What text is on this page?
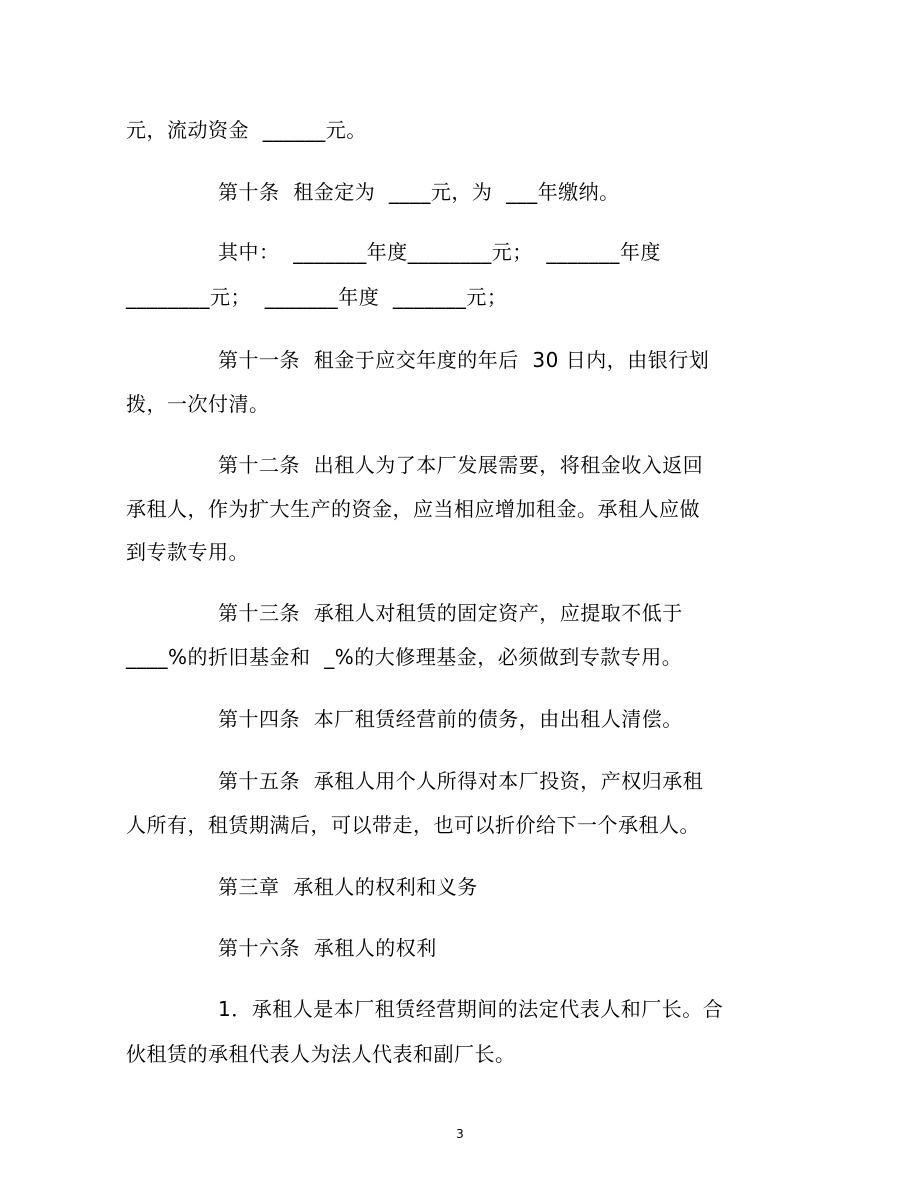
元，流动资金  ______元。
第十条  租金定为  ____元，为  ___年缴纳。
其中：  _______年度________元；  _______年度
________元；  _______年度  _______元；
第十一条  租金于应交年度的年后  30 日内，由银行划
拨，一次付清。
第十二条  出租人为了本厂发展需要，将租金收入返回
承租人，作为扩大生产的资金，应当相应增加租金。承租人应做
到专款专用。
第十三条  承租人对租赁的固定资产，应提取不低于
____%的折旧基金和  _%的大修理基金，必须做到专款专用。
第十四条  本厂租赁经营前的债务，由出租人清偿。
第十五条  承租人用个人所得对本厂投资，产权归承租
人所有，租赁期满后，可以带走，也可以折价给下一个承租人。
第三章  承租人的权利和义务
第十六条  承租人的权利
1．承租人是本厂租赁经营期间的法定代表人和厂长。合
伙租赁的承租代表人为法人代表和副厂长。
3
